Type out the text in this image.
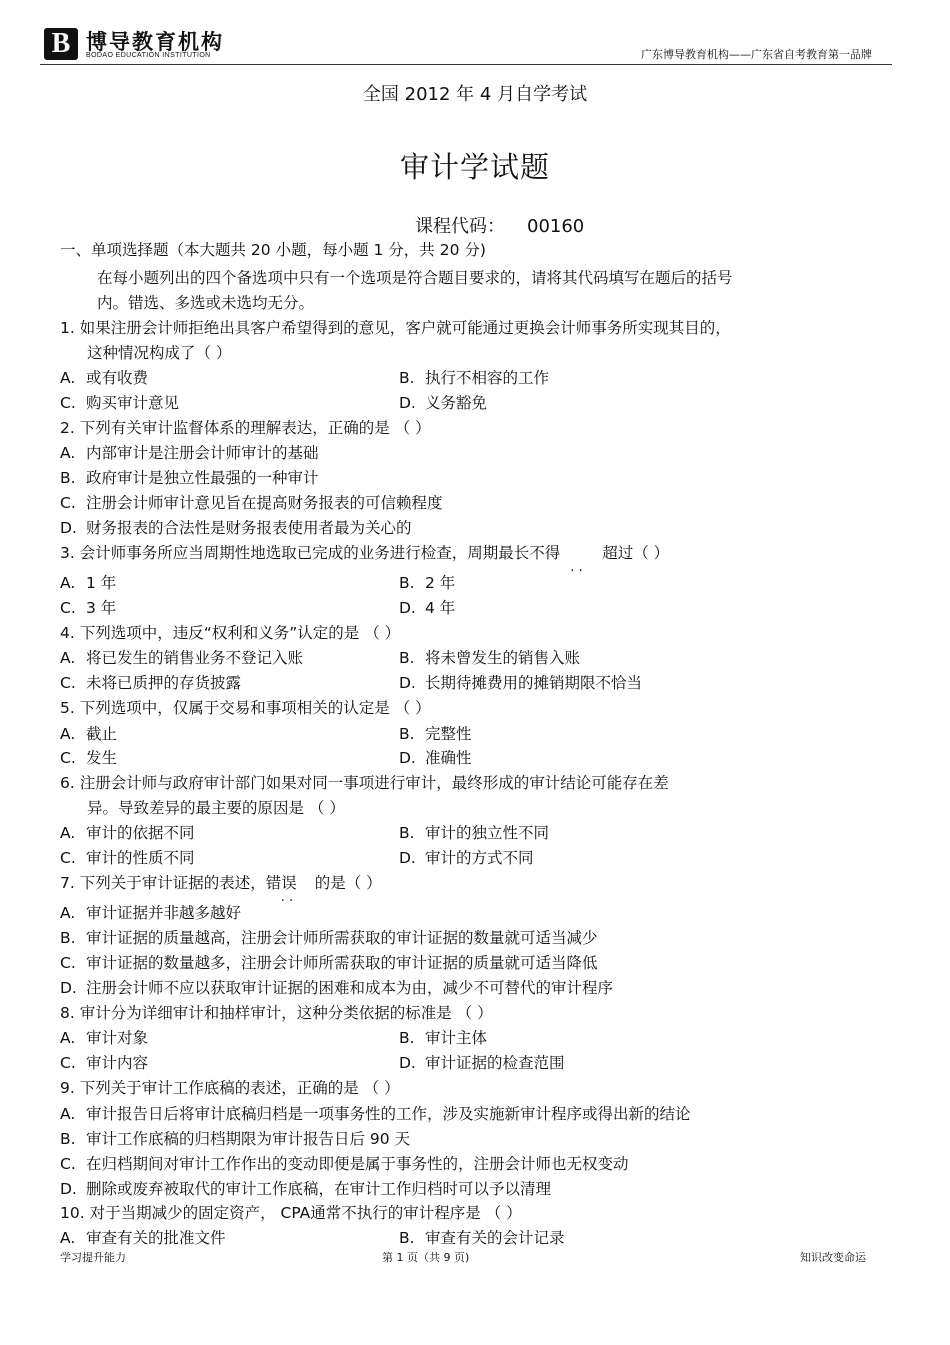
B 博导教育机构
BODAO EDUCATION INSTITUTION	广东博导教育机构——广东省自考教育第一品牌
全国 2012 年 4 月自学考试
审计学试题
课程代码： 00160
一、单项选择题（本大题共 20 小题，每小题 1 分，共 20 分)
在每小题列出的四个备选项中只有一个选项是符合题目要求的，请将其代码填写在题后的括号
内。错选、多选或未选均无分。
1. 如果注册会计师拒绝出具客户希望得到的意见，客户就可能通过更换会计师事务所实现其目的，
这种情况构成了（ ）
A. 或有收费	B. 执行不相容的工作
C. 购买审计意见	D. 义务豁免
2. 下列有关审计监督体系的理解表达，正确的是 （ ）
A. 内部审计是注册会计师审计的基础
B. 政府审计是独立性最强的一种审计
C. 注册会计师审计意见旨在提高财务报表的可信赖程度
D. 财务报表的合法性是财务报表使用者最为关心的
3. 会计师事务所应当周期性地选取已完成的业务进行检查，周期最长不得
· ·
超过（ ）
A. 1 年	B. 2 年
C. 3 年	D. 4 年
4. 下列选项中，违反“权利和义务”认定的是 （ ）
A. 将已发生的销售业务不登记入账	B. 将未曾发生的销售入账
C. 未将已质押的存货披露	D. 长期待摊费用的摊销期限不恰当
5. 下列选项中，仅属于交易和事项相关的认定是 （ ）
A. 截止	B. 完整性
C. 发生	D. 准确性
6. 注册会计师与政府审计部门如果对同一事项进行审计，最终形成的审计结论可能存在差
异。导致差异的最主要的原因是 （ ）
A. 审计的依据不同	B. 审计的独立性不同
C. 审计的性质不同	D. 审计的方式不同
7. 下列关于审计证据的表述，错误
· ·
的是（ ）
A. 审计证据并非越多越好
B. 审计证据的质量越高，注册会计师所需获取的审计证据的数量就可适当减少
C. 审计证据的数量越多，注册会计师所需获取的审计证据的质量就可适当降低
D. 注册会计师不应以获取审计证据的困难和成本为由，减少不可替代的审计程序
8. 审计分为详细审计和抽样审计，这种分类依据的标准是 （ ）
A. 审计对象	B. 审计主体
C. 审计内容	D. 审计证据的检查范围
9. 下列关于审计工作底稿的表述，正确的是 （ ）
A. 审计报告日后将审计底稿归档是一项事务性的工作，涉及实施新审计程序或得出新的结论
B. 审计工作底稿的归档期限为审计报告日后 90 天
C. 在归档期间对审计工作作出的变动即便是属于事务性的，注册会计师也无权变动
D. 删除或废弃被取代的审计工作底稿，在审计工作归档时可以予以清理
10. 对于当期减少的固定资产， CPA通常不执行的审计程序是 （ ）
A. 审查有关的批准文件	B. 审查有关的会计记录
学习提升能力	第 1 页（共 9 页)	知识改变命运
